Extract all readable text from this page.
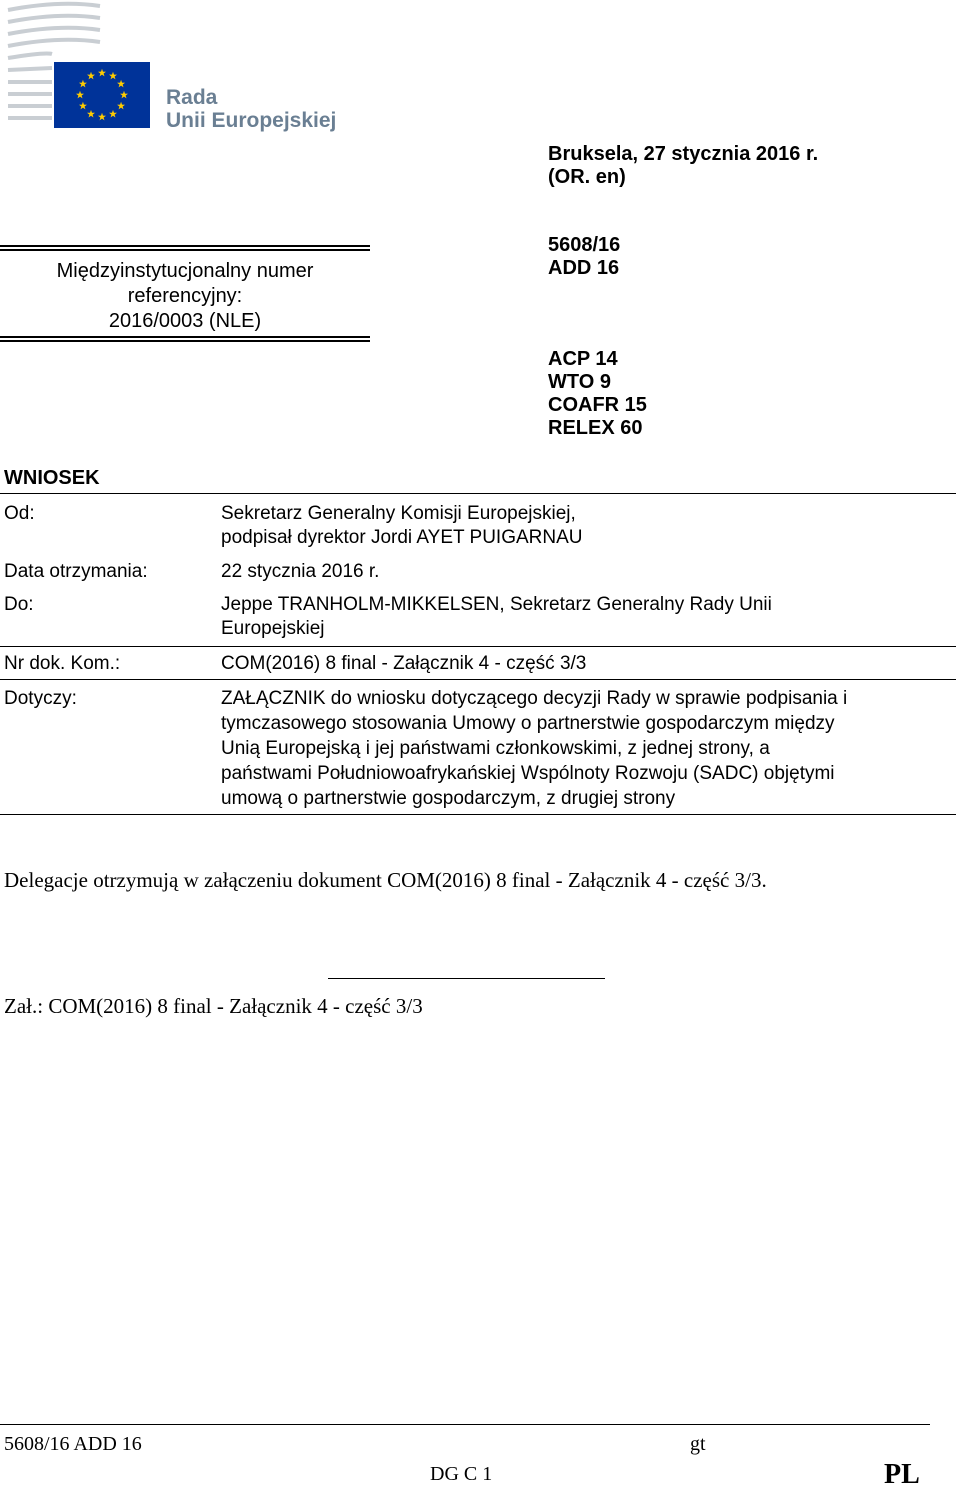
Rada
Unii Europejskiej
Bruksela, 27 stycznia 2016 r.
(OR. en)
5608/16
ADD 16
ACP 14
WTO 9
COAFR 15
RELEX 60
Międzyinstytucjonalny numer
referencyjny:
2016/0003 (NLE)
WNIOSEK
Od:	Sekretarz Generalny Komisji Europejskiej,
podpisał dyrektor Jordi AYET PUIGARNAU
Data otrzymania:	22 stycznia 2016 r.
Do:	Jeppe TRANHOLM-MIKKELSEN, Sekretarz Generalny Rady Unii
Europejskiej
Nr dok. Kom.:	COM(2016) 8 final - Załącznik 4 - część 3/3
Dotyczy:	ZAŁĄCZNIK do wniosku dotyczącego decyzji Rady w sprawie podpisania i
tymczasowego stosowania Umowy o partnerstwie gospodarczym między
Unią Europejską i jej państwami członkowskimi, z jednej strony, a
państwami Południowoafrykańskiej Wspólnoty Rozwoju (SADC) objętymi
umową o partnerstwie gospodarczym, z drugiej strony
Delegacje otrzymują w załączeniu dokument COM(2016) 8 final - Załącznik 4 - część 3/3.
Zał.: COM(2016) 8 final - Załącznik 4 - część 3/3
5608/16 ADD 16	gt
DG C 1	PL
